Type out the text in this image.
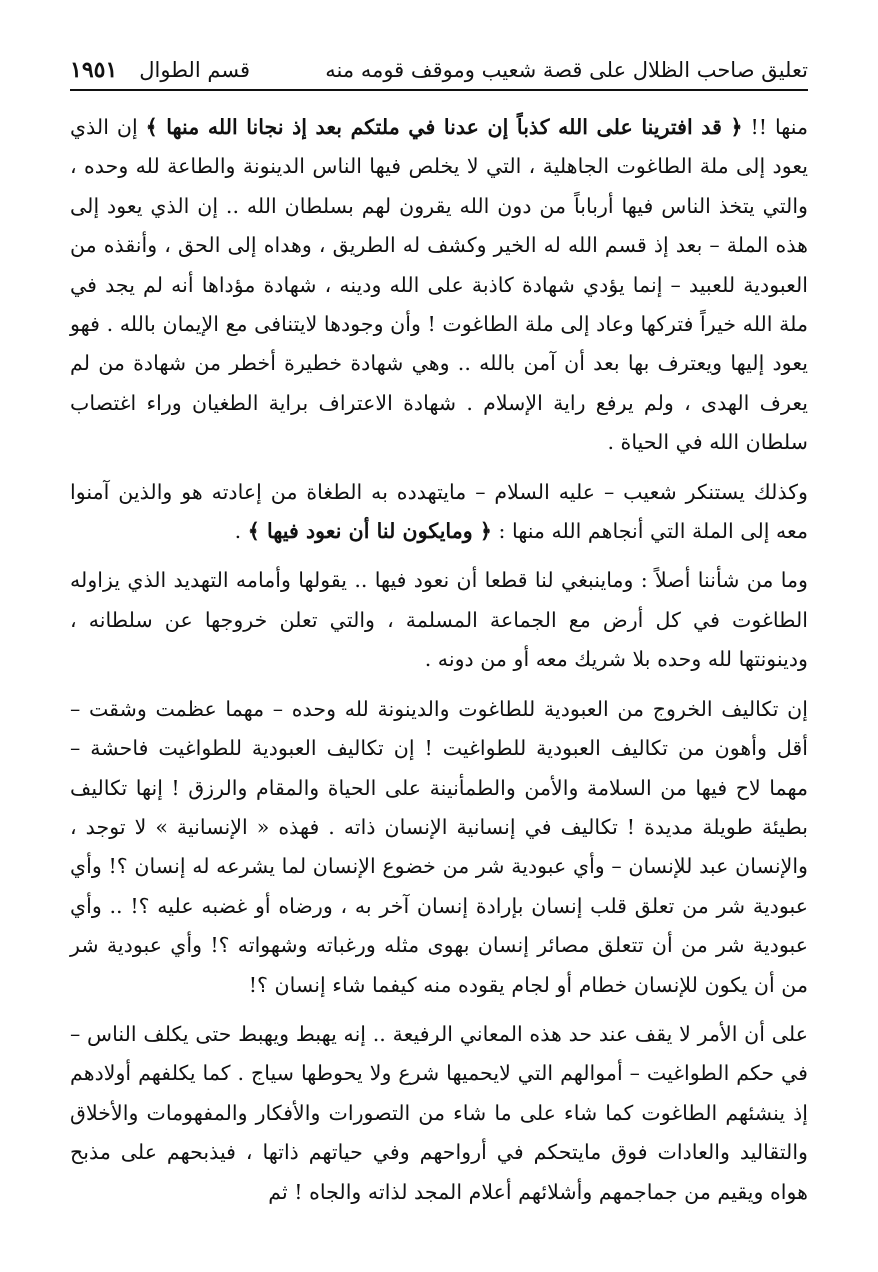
تعليق صاحب الظلال على قصة شعيب وموقف قومه منه
قسم الطوال
١٩٥١

منها !! ﴿ قد افترينا على الله كذباً إن عدنا في ملتكم بعد إذ نجانا الله منها ﴾ إن الذي يعود إلى ملة الطاغوت الجاهلية ، التي لا يخلص فيها الناس الدينونة والطاعة لله وحده ، والتي يتخذ الناس فيها أرباباً من دون الله يقرون لهم بسلطان الله .. إن الذي يعود إلى هذه الملة – بعد إذ قسم الله له الخير وكشف له الطريق ، وهداه إلى الحق ، وأنقذه من العبودية للعبيد – إنما يؤدي شهادة كاذبة على الله ودينه ، شهادة مؤداها أنه لم يجد في ملة الله خيراً فتركها وعاد إلى ملة الطاغوت ! وأن وجودها لايتنافى مع الإيمان بالله . فهو يعود إليها ويعترف بها بعد أن آمن بالله .. وهي شهادة خطيرة أخطر من شهادة من لم يعرف الهدى ، ولم يرفع راية الإسلام . شهادة الاعتراف براية الطغيان وراء اغتصاب سلطان الله في الحياة .

وكذلك يستنكر شعيب – عليه السلام – مايتهدده به الطغاة من إعادته هو والذين آمنوا معه إلى الملة التي أنجاهم الله منها : ﴿ ومايكون لنا أن نعود فيها ﴾ .

وما من شأننا أصلاً : وماينبغي لنا قطعا أن نعود فيها .. يقولها وأمامه التهديد الذي يزاوله الطاغوت في كل أرض مع الجماعة المسلمة ، والتي تعلن خروجها عن سلطانه ، ودينونتها لله وحده بلا شريك معه أو من دونه .

إن تكاليف الخروج من العبودية للطاغوت والدينونة لله وحده – مهما عظمت وشقت – أقل وأهون من تكاليف العبودية للطواغيت ! إن تكاليف العبودية للطواغيت فاحشة – مهما لاح فيها من السلامة والأمن والطمأنينة على الحياة والمقام والرزق ! إنها تكاليف بطيئة طويلة مديدة ! تكاليف في إنسانية الإنسان ذاته . فهذه « الإنسانية » لا توجد ، والإنسان عبد للإنسان – وأي عبودية شر من خضوع الإنسان لما يشرعه له إنسان ؟! وأي عبودية شر من تعلق قلب إنسان بإرادة إنسان آخر به ، ورضاه أو غضبه عليه ؟! .. وأي عبودية شر من أن تتعلق مصائر إنسان بهوى مثله ورغباته وشهواته ؟! وأي عبودية شر من أن يكون للإنسان خطام أو لجام يقوده منه كيفما شاء إنسان ؟!

على أن الأمر لا يقف عند حد هذه المعاني الرفيعة .. إنه يهبط ويهبط حتى يكلف الناس – في حكم الطواغيت – أموالهم التي لايحميها شرع ولا يحوطها سياج . كما يكلفهم أولادهم إذ ينشئهم الطاغوت كما شاء على ما شاء من التصورات والأفكار والمفهومات والأخلاق والتقاليد والعادات فوق مايتحكم في أرواحهم وفي حياتهم ذاتها ، فيذبحهم على مذبح هواه ويقيم من جماجمهم وأشلائهم أعلام المجد لذاته والجاه ! ثم
